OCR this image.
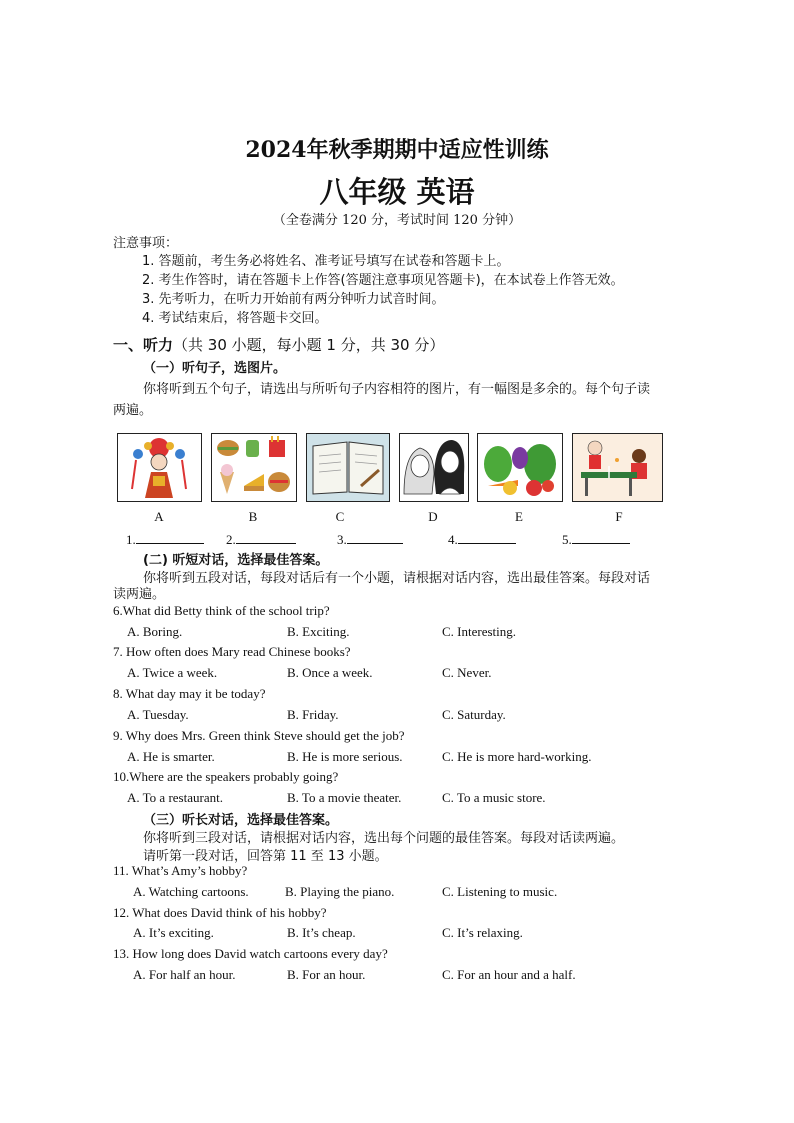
2024年秋季期期中适应性训练
八年级 英语
（全卷满分 120 分，考试时间 120 分钟）
注意事项：
1. 答题前，考生务必将姓名、准考证号填写在试卷和答题卡上。
2. 考生作答时，请在答题卡上作答(答题注意事项见答题卡)，在本试卷上作答无效。
3. 先考听力，在听力开始前有两分钟听力试音时间。
4. 考试结束后，将答题卡交回。
一、听力（共 30 小题，每小题 1 分，共 30 分）
（一）听句子，选图片。
你将听到五个句子，请选出与所听句子内容相符的图片，有一幅图是多余的。每个句子读
两遍。
A	B	C	D	E	F
1.	2.	3.	4.	5.
(二) 听短对话，选择最佳答案。
你将听到五段对话，每段对话后有一个小题，请根据对话内容，选出最佳答案。每段对话
读两遍。
6.What did Betty think of the school trip?
A. Boring.	B. Exciting.	C. Interesting.
7. How often does Mary read Chinese books?
A. Twice a week.	B. Once a week.	C. Never.
8. What day may it be today?
A. Tuesday.	B. Friday.	C. Saturday.
9. Why does Mrs. Green think Steve should get the job?
A. He is smarter.	B. He is more serious.	C. He is more hard-working.
10.Where are the speakers probably going?
A. To a restaurant.	B. To a movie theater.	C. To a music store.
（三）听长对话，选择最佳答案。
你将听到三段对话，请根据对话内容，选出每个问题的最佳答案。每段对话读两遍。
请听第一段对话，回答第 11 至 13 小题。
11. What’s Amy’s hobby?
A. Watching cartoons.	B. Playing the piano.	C. Listening to music.
12. What does David think of his hobby?
A. It’s exciting.	B. It’s cheap.	C. It’s relaxing.
13. How long does David watch cartoons every day?
A. For half an hour.	B. For an hour.	C. For an hour and a half.
